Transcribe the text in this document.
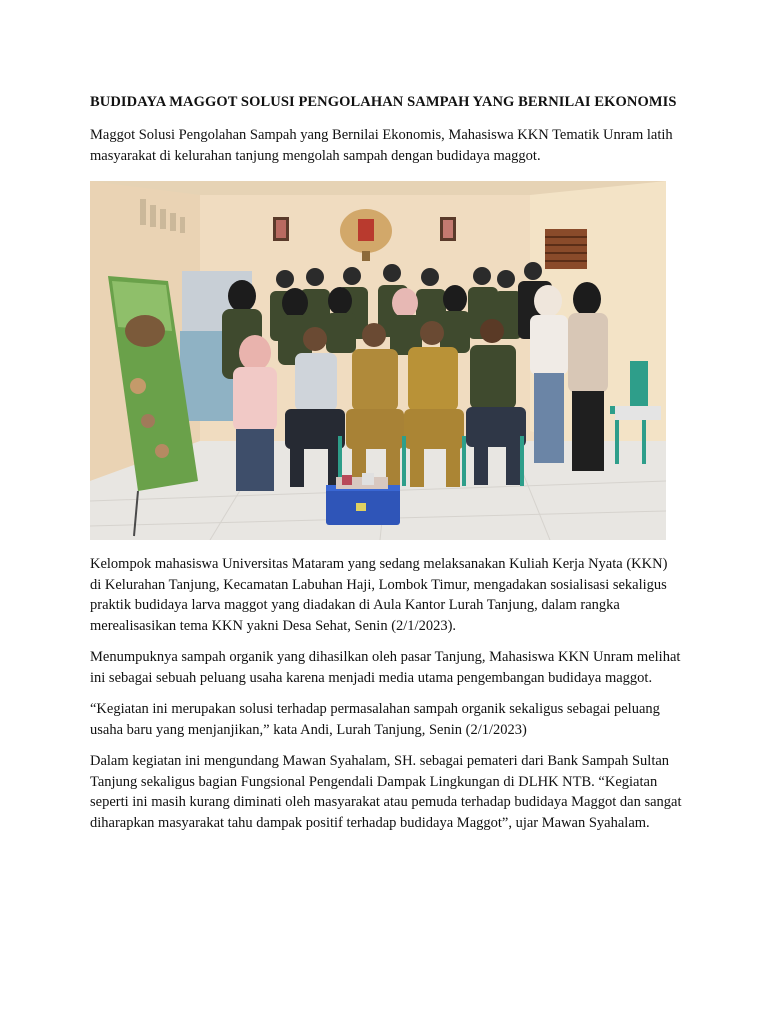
BUDIDAYA MAGGOT SOLUSI PENGOLAHAN SAMPAH YANG BERNILAI EKONOMIS

Maggot Solusi Pengolahan Sampah yang Bernilai Ekonomis, Mahasiswa KKN Tematik Unram latih masyarakat di kelurahan tanjung mengolah sampah dengan budidaya maggot.

Kelompok mahasiswa Universitas Mataram yang sedang melaksanakan Kuliah Kerja Nyata (KKN) di Kelurahan Tanjung, Kecamatan Labuhan Haji, Lombok Timur, mengadakan sosialisasi sekaligus praktik budidaya larva maggot yang diadakan di Aula Kantor Lurah Tanjung, dalam rangka merealisasikan tema KKN yakni Desa Sehat, Senin (2/1/2023).

Menumpuknya sampah organik yang dihasilkan oleh pasar Tanjung, Mahasiswa KKN Unram melihat ini sebagai sebuah peluang usaha karena menjadi media utama pengembangan budidaya maggot.

“Kegiatan ini merupakan solusi terhadap permasalahan sampah organik sekaligus sebagai peluang usaha baru yang menjanjikan,” kata Andi, Lurah Tanjung, Senin (2/1/2023)

Dalam kegiatan ini mengundang Mawan Syahalam, SH. sebagai pemateri dari Bank Sampah Sultan Tanjung sekaligus bagian Fungsional Pengendali Dampak Lingkungan di DLHK NTB. “Kegiatan seperti ini masih kurang diminati oleh masyarakat atau pemuda terhadap budidaya Maggot dan sangat diharapkan masyarakat tahu dampak positif terhadap budidaya Maggot”, ujar Mawan Syahalam.
